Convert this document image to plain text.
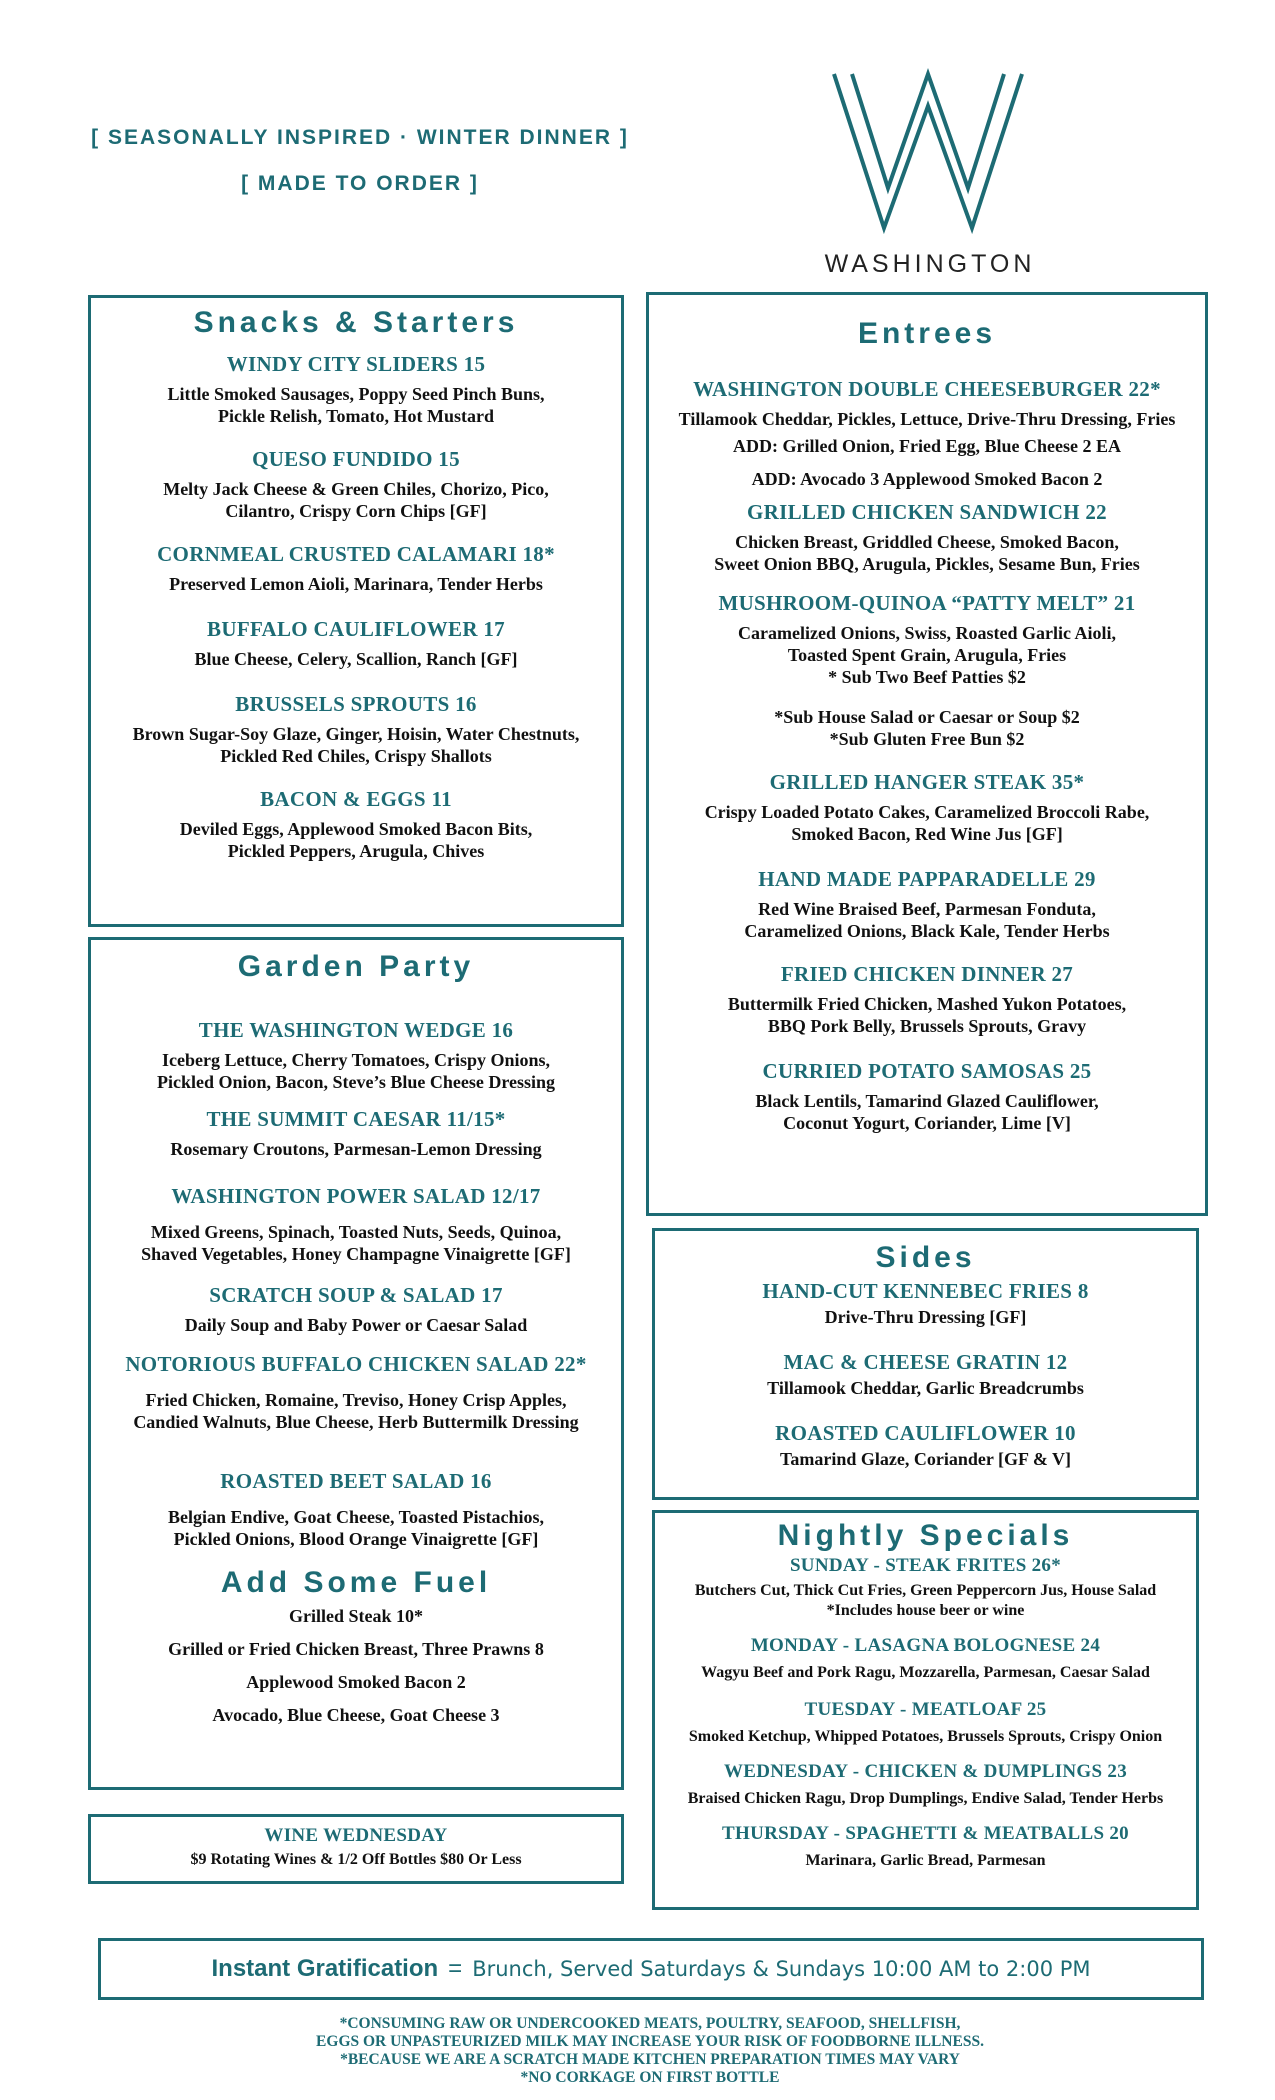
[ SEASONALLY INSPIRED · WINTER DINNER ]
[ MADE TO ORDER ]
WASHINGTON
Snacks & Starters
WINDY CITY SLIDERS 15
Little Smoked Sausages, Poppy Seed Pinch Buns,
Pickle Relish, Tomato, Hot Mustard
QUESO FUNDIDO 15
Melty Jack Cheese & Green Chiles, Chorizo, Pico,
Cilantro, Crispy Corn Chips [GF]
CORNMEAL CRUSTED CALAMARI 18*
Preserved Lemon Aioli, Marinara, Tender Herbs
BUFFALO CAULIFLOWER 17
Blue Cheese, Celery, Scallion, Ranch [GF]
BRUSSELS SPROUTS 16
Brown Sugar-Soy Glaze, Ginger, Hoisin, Water Chestnuts,
Pickled Red Chiles, Crispy Shallots
BACON & EGGS 11
Deviled Eggs, Applewood Smoked Bacon Bits,
Pickled Peppers, Arugula, Chives
Garden Party
THE WASHINGTON WEDGE 16
Iceberg Lettuce, Cherry Tomatoes, Crispy Onions,
Pickled Onion, Bacon, Steve’s Blue Cheese Dressing
THE SUMMIT CAESAR 11/15*
Rosemary Croutons, Parmesan-Lemon Dressing
WASHINGTON POWER SALAD 12/17
Mixed Greens, Spinach, Toasted Nuts, Seeds, Quinoa,
Shaved Vegetables, Honey Champagne Vinaigrette [GF]
SCRATCH SOUP & SALAD 17
Daily Soup and Baby Power or Caesar Salad
NOTORIOUS BUFFALO CHICKEN SALAD 22*
Fried Chicken, Romaine, Treviso, Honey Crisp Apples,
Candied Walnuts, Blue Cheese, Herb Buttermilk Dressing
ROASTED BEET SALAD 16
Belgian Endive, Goat Cheese, Toasted Pistachios,
Pickled Onions, Blood Orange Vinaigrette [GF]
Add Some Fuel
Grilled Steak 10*
Grilled or Fried Chicken Breast, Three Prawns 8
Applewood Smoked Bacon 2
Avocado, Blue Cheese, Goat Cheese 3
WINE WEDNESDAY
$9 Rotating Wines & 1/2 Off Bottles $80 Or Less
Entrees
WASHINGTON DOUBLE CHEESEBURGER 22*
Tillamook Cheddar, Pickles, Lettuce, Drive-Thru Dressing, Fries
ADD: Grilled Onion, Fried Egg, Blue Cheese 2 EA
ADD: Avocado 3 Applewood Smoked Bacon 2
GRILLED CHICKEN SANDWICH 22
Chicken Breast, Griddled Cheese, Smoked Bacon,
Sweet Onion BBQ, Arugula, Pickles, Sesame Bun, Fries
MUSHROOM-QUINOA “PATTY MELT” 21
Caramelized Onions, Swiss, Roasted Garlic Aioli,
Toasted Spent Grain, Arugula, Fries
* Sub Two Beef Patties $2
*Sub House Salad or Caesar or Soup $2
*Sub Gluten Free Bun $2
GRILLED HANGER STEAK 35*
Crispy Loaded Potato Cakes, Caramelized Broccoli Rabe,
Smoked Bacon, Red Wine Jus [GF]
HAND MADE PAPPARADELLE 29
Red Wine Braised Beef, Parmesan Fonduta,
Caramelized Onions, Black Kale, Tender Herbs
FRIED CHICKEN DINNER 27
Buttermilk Fried Chicken, Mashed Yukon Potatoes,
BBQ Pork Belly, Brussels Sprouts, Gravy
CURRIED POTATO SAMOSAS 25
Black Lentils, Tamarind Glazed Cauliflower,
Coconut Yogurt, Coriander, Lime [V]
Sides
HAND-CUT KENNEBEC FRIES 8
Drive-Thru Dressing [GF]
MAC & CHEESE GRATIN 12
Tillamook Cheddar, Garlic Breadcrumbs
ROASTED CAULIFLOWER 10
Tamarind Glaze, Coriander [GF & V]
Nightly Specials
SUNDAY - STEAK FRITES 26*
Butchers Cut, Thick Cut Fries, Green Peppercorn Jus, House Salad
*Includes house beer or wine
MONDAY - LASAGNA BOLOGNESE 24
Wagyu Beef and Pork Ragu, Mozzarella, Parmesan, Caesar Salad
TUESDAY - MEATLOAF 25
Smoked Ketchup, Whipped Potatoes, Brussels Sprouts, Crispy Onion
WEDNESDAY - CHICKEN & DUMPLINGS 23
Braised Chicken Ragu, Drop Dumplings, Endive Salad, Tender Herbs
THURSDAY - SPAGHETTI & MEATBALLS 20
Marinara, Garlic Bread, Parmesan
Instant Gratification = Brunch, Served Saturdays & Sundays 10:00 AM to 2:00 PM
*CONSUMING RAW OR UNDERCOOKED MEATS, POULTRY, SEAFOOD, SHELLFISH,
EGGS OR UNPASTEURIZED MILK MAY INCREASE YOUR RISK OF FOODBORNE ILLNESS.
*BECAUSE WE ARE A SCRATCH MADE KITCHEN PREPARATION TIMES MAY VARY
*NO CORKAGE ON FIRST BOTTLE
